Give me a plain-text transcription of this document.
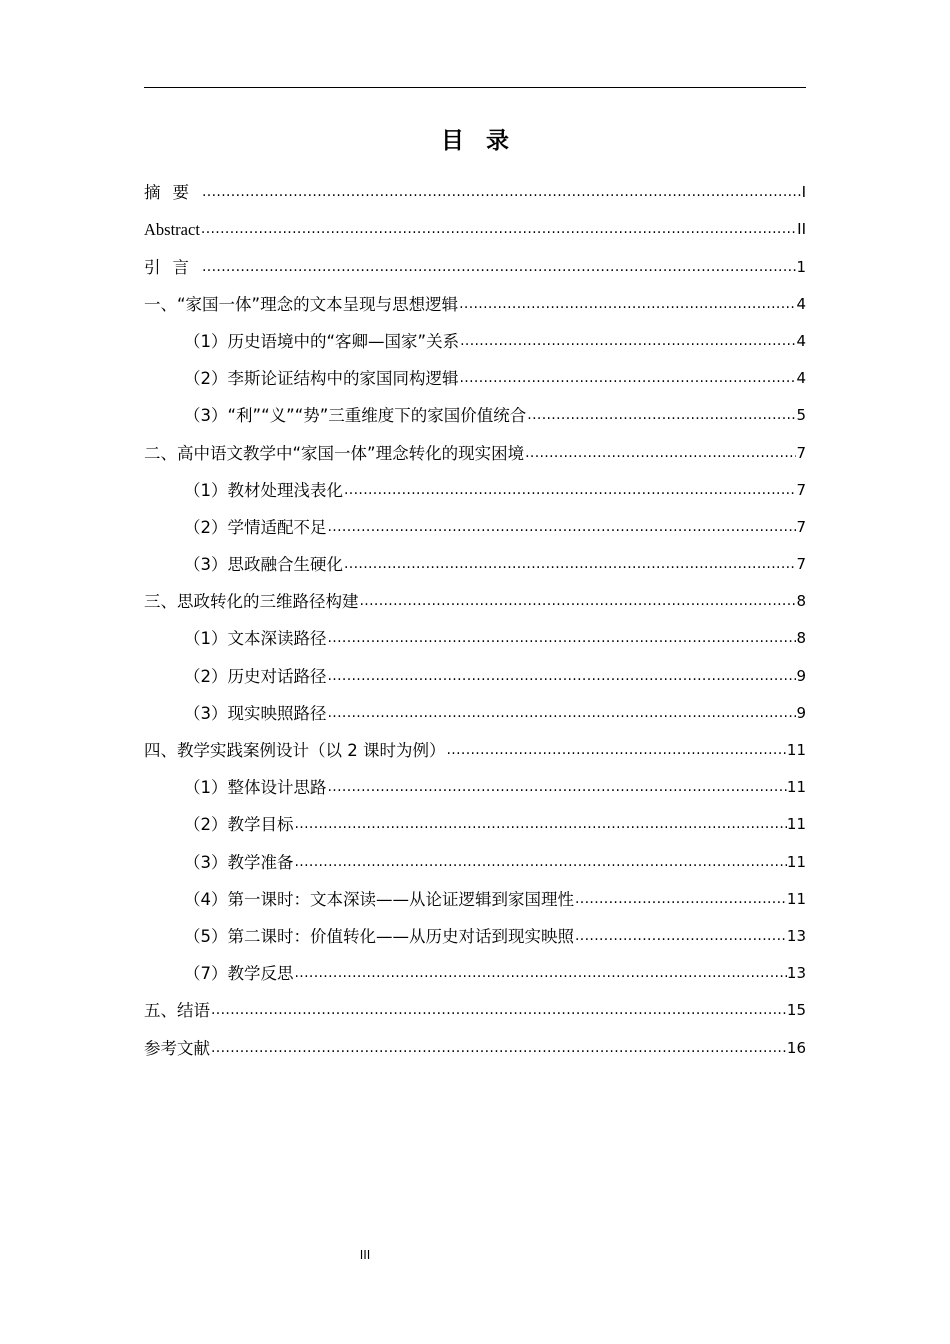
目录
摘要 .....	I
Abstract .....	II
引言 .....	1
一、“家国一体”理念的文本呈现与思想逻辑 .....	4
（1）历史语境中的“客卿—国家”关系 .....	4
（2）李斯论证结构中的家国同构逻辑 .....	4
（3）“利”“义”“势”三重维度下的家国价值统合 .....	5
二、高中语文教学中“家国一体”理念转化的现实困境 .....	7
（1）教材处理浅表化 .....	7
（2）学情适配不足 .....	7
（3）思政融合生硬化 .....	7
三、思政转化的三维路径构建 .....	8
（1）文本深读路径 .....	8
（2）历史对话路径 .....	9
（3）现实映照路径 .....	9
四、教学实践案例设计（以 2 课时为例） .....	11
（1）整体设计思路 .....	11
（2）教学目标 .....	11
（3）教学准备 .....	11
（4）第一课时：文本深读——从论证逻辑到家国理性 .....	11
（5）第二课时：价值转化——从历史对话到现实映照 .....	13
（7）教学反思 .....	13
五、结语 .....	15
参考文献 .....	16
III
